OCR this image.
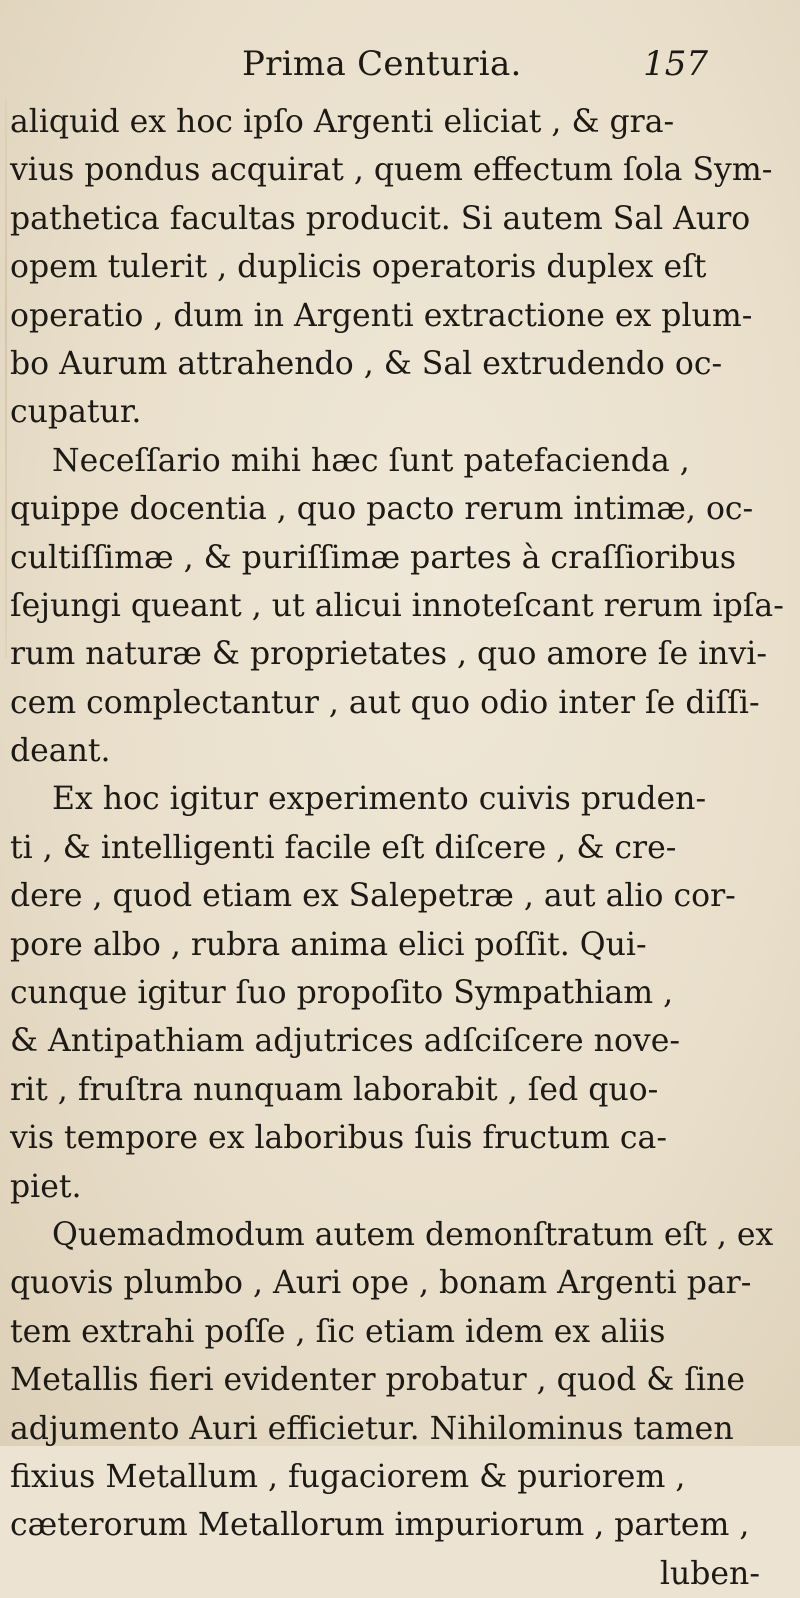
Prima Centuria.	157
aliquid ex hoc ipſo Argenti eliciat , & gra-
vius pondus acquirat , quem effectum ſola Sym-
pathetica facultas producit. Si autem Sal Auro
opem tulerit , duplicis operatoris duplex eſt
operatio , dum in Argenti extractione ex plum-
bo Aurum attrahendo , & Sal extrudendo oc-
cupatur.
Neceſſario mihi hæc ſunt patefacienda ,
quippe docentia , quo pacto rerum intimæ, oc-
cultiſſimæ , & puriſſimæ partes à craſſioribus
ſejungi queant , ut alicui innoteſcant rerum ipſa-
rum naturæ & proprietates , quo amore ſe invi-
cem complectantur , aut quo odio inter ſe diſſi-
deant.
Ex hoc igitur experimento cuivis pruden-
ti , & intelligenti facile eſt diſcere , & cre-
dere , quod etiam ex Salepetræ , aut alio cor-
pore albo , rubra anima elici poſſit. Qui-
cunque igitur ſuo propoſito Sympathiam ,
& Antipathiam adjutrices adſciſcere nove-
rit , fruſtra nunquam laborabit , ſed quo-
vis tempore ex laboribus ſuis fructum ca-
piet.
Quemadmodum autem demonſtratum eſt , ex
quovis plumbo , Auri ope , bonam Argenti par-
tem extrahi poſſe , ſic etiam idem ex aliis
Metallis fieri evidenter probatur , quod & ſine
adjumento Auri efficietur. Nihilominus tamen
fixius Metallum , fugaciorem & puriorem ,
cæterorum Metallorum impuriorum , partem ,
luben-
